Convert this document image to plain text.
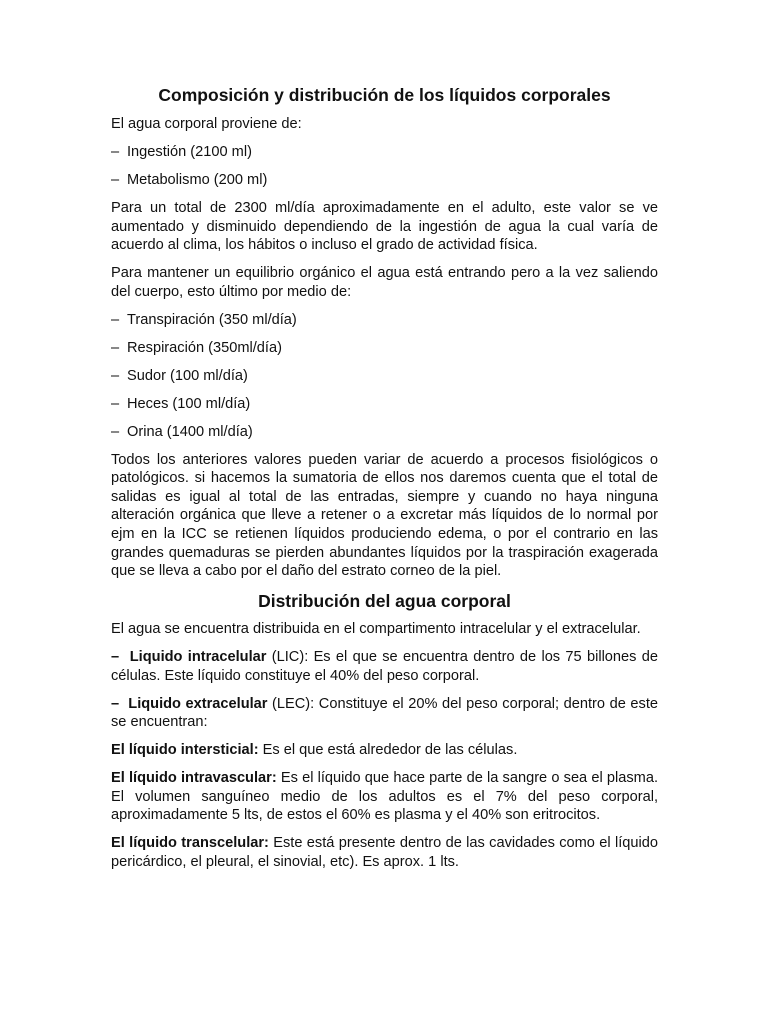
Composición y distribución de los líquidos corporales

El agua corporal proviene de:

– Ingestión (2100 ml)
– Metabolismo (200 ml)

Para un total de 2300 ml/día aproximadamente en el adulto, este valor se ve aumentado y disminuido dependiendo de la ingestión de agua la cual varía de acuerdo al clima, los hábitos o incluso el grado de actividad física.

Para mantener un equilibrio orgánico el agua está entrando pero a la vez saliendo del cuerpo, esto último por medio de:

– Transpiración (350 ml/día)
– Respiración (350ml/día)
– Sudor (100 ml/día)
– Heces (100 ml/día)
– Orina (1400 ml/día)

Todos los anteriores valores pueden variar de acuerdo a procesos fisiológicos o patológicos. si hacemos la sumatoria de ellos nos daremos cuenta que el total de salidas es igual al total de las entradas, siempre y cuando no haya ninguna alteración orgánica que lleve a retener o a excretar más líquidos de lo normal por ejm en la ICC se retienen líquidos produciendo edema, o por el contrario en las grandes quemaduras se pierden abundantes líquidos por la traspiración exagerada que se lleva a cabo por el daño del estrato corneo de la piel.

Distribución del agua corporal

El agua se encuentra distribuida en el compartimento intracelular y el extracelular.

– Liquido intracelular (LIC): Es el que se encuentra dentro de los 75 billones de células. Este líquido constituye el 40% del peso corporal.

– Liquido extracelular (LEC): Constituye el 20% del peso corporal; dentro de este se encuentran:

El líquido intersticial: Es el que está alrededor de las células.

El líquido intravascular: Es el líquido que hace parte de la sangre o sea el plasma. El volumen sanguíneo medio de los adultos es el 7% del peso corporal, aproximadamente 5 lts, de estos el 60% es plasma y el 40% son eritrocitos.

El líquido transcelular: Este está presente dentro de las cavidades como el líquido pericárdico, el pleural, el sinovial, etc). Es aprox. 1 lts.
